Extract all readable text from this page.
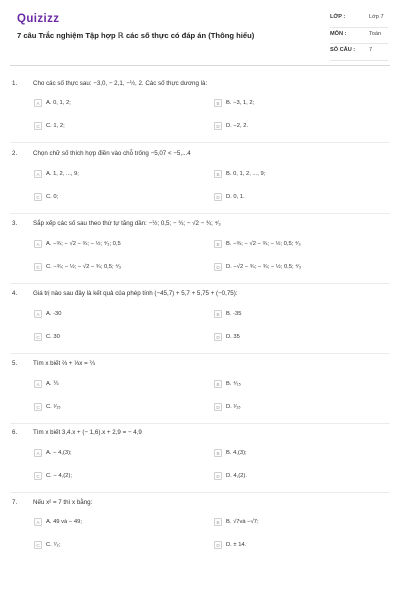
Quizizz
7 câu Trắc nghiệm Tập hợp ℝ các số thực có đáp án (Thông hiểu)
LỚP :	Lớp 7
MÔN :	Toán
SỐ CÂU : 7
1.	Cho các số thực sau: −3,0, − 2,1, −½, 2. Các số thực dương là:
A	A. 0, 1, 2;	B	B. −3, 1, 2;
C	C. 1, 2;	D	D. −2, 2.
2.	Chọn chữ số thích hợp điền vào chỗ trống −5,07 < −5,...4
A	A. 1, 2, ..., 9;	B	B. 0, 1, 2, ..., 9;
C	C. 0;	D	D. 0, 1.
3.	Sắp xếp các số sau theo thứ tự tăng dần: −½; 0,5; − ¾; − √2 − ¾; ⁴⁄₃
A	A. −¾; − √2 − ¾; − ½; ⁴⁄₃; 0,5	B	B. −¾; − √2 − ¾; − ½; 0,5; ⁴⁄₃
C	C. −¾; − ½; − √2 − ¾; 0,5; ⁴⁄₃	D	D. −√2 − ¾; − ¾; − ½; 0,5; ⁴⁄₃
4.	Giá trị nào sau đây là kết quả của phép tính (−45,7) + 5,7 + 5,75 + (−0,75):
A	A. -30	B	B. -35
C	C. 30	D	D. 35
5.	Tìm x biết ⅔ + ⅓x = ⅖
A	A. ⅕	B	B. ⁴⁄₁₅
C	C. ¹⁄₁₅	D	D. ¹⁄₁₅
6.	Tìm x biết 3,4.x + (− 1,6).x + 2,9 = − 4,9
A	A. − 4,(3);	B	B. 4,(3);
C	C. − 4,(2);	D	D. 4,(2).
7.	Nếu x² = 7 thì x bằng:
A	A. 49 và − 49;	B	B. √7và −√7;
C	C. ⁷⁄₂;	D	D. ± 14.
